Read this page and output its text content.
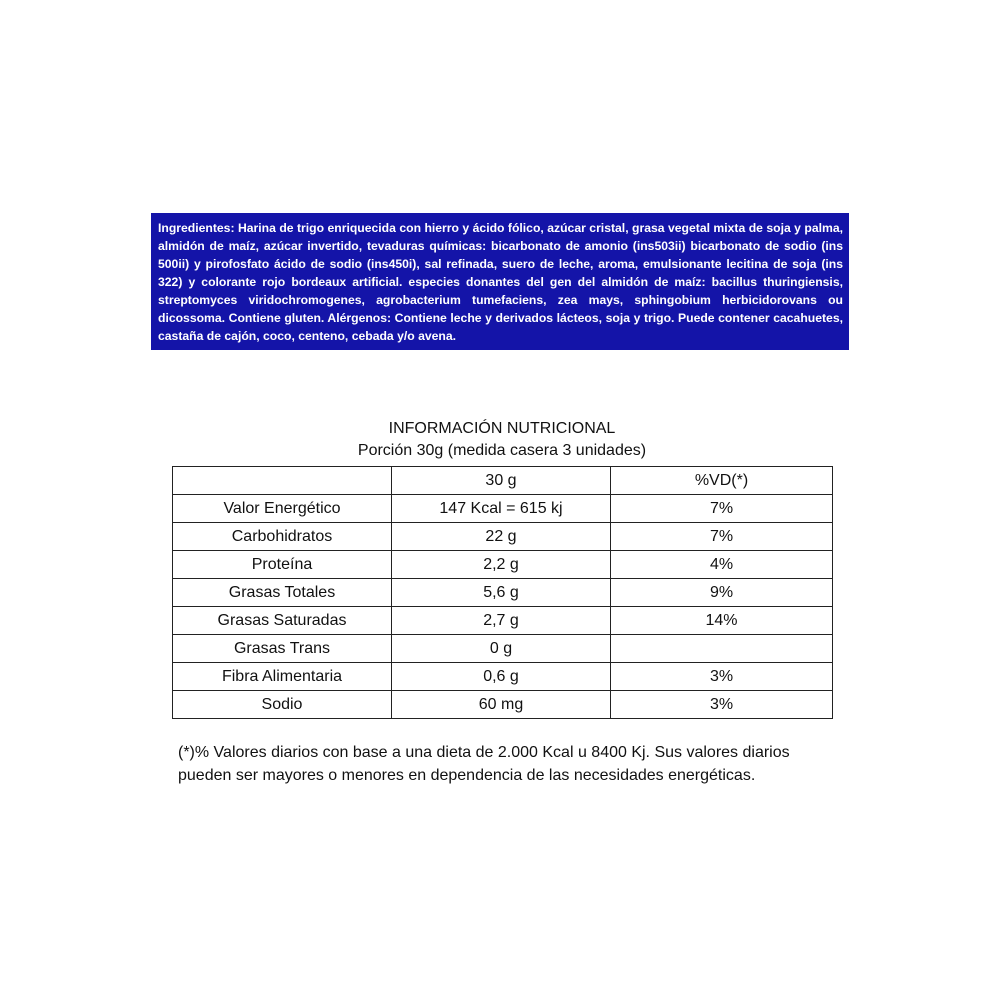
Ingredientes: Harina de trigo enriquecida con hierro y ácido fólico, azúcar cristal, grasa vegetal mixta de soja y palma, almidón de maíz, azúcar invertido, tevaduras químicas: bicarbonato de amonio (ins503ii) bicarbonato de sodio (ins 500ii) y pirofosfato ácido de sodio (ins450i), sal refinada, suero de leche, aroma, emulsionante lecitina de soja (ins 322) y colorante rojo bordeaux artificial. especies donantes del gen del almidón de maíz: bacillus thuringiensis, streptomyces viridochromogenes, agrobacterium tumefaciens, zea mays, sphingobium herbicidorovans ou dicossoma. Contiene gluten. Alérgenos: Contiene leche y derivados lácteos, soja y trigo. Puede contener cacahuetes, castaña de cajón, coco, centeno, cebada y/o avena.
INFORMACIÓN NUTRICIONAL
Porción 30g (medida casera 3 unidades)
	30 g	%VD(*)
Valor Energético	147 Kcal = 615 kj	7%
Carbohidratos	22 g	7%
Proteína	2,2 g	4%
Grasas Totales	5,6 g	9%
Grasas Saturadas	2,7 g	14%
Grasas Trans	0 g	
Fibra Alimentaria	0,6 g	3%
Sodio	60 mg	3%
(*)% Valores diarios con base a una dieta de 2.000 Kcal u 8400 Kj. Sus valores diarios
pueden ser mayores o menores en dependencia de las necesidades energéticas.
